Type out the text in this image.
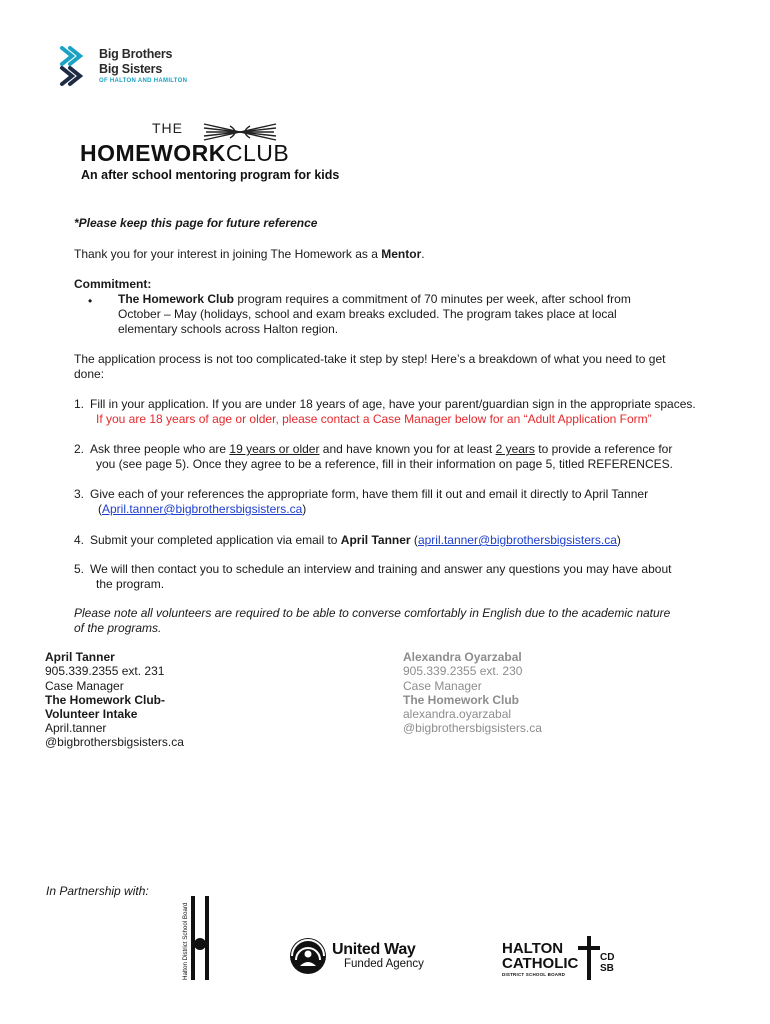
Big Brothers
Big Sisters
OF HALTON AND HAMILTON
THE
HOMEWORKCLUB
An after school mentoring program for kids
*Please keep this page for future reference
Thank you for your interest in joining The Homework as a Mentor.
Commitment:
• The Homework Club program requires a commitment of 70 minutes per week, after school from
October – May (holidays, school and exam breaks excluded. The program takes place at local
elementary schools across Halton region.
The application process is not too complicated-take it step by step! Here’s a breakdown of what you need to get
done:
1. Fill in your application. If you are under 18 years of age, have your parent/guardian sign in the appropriate spaces.
If you are 18 years of age or older, please contact a Case Manager below for an “Adult Application Form”
2. Ask three people who are 19 years or older and have known you for at least 2 years to provide a reference for
you (see page 5). Once they agree to be a reference, fill in their information on page 5, titled REFERENCES.
3. Give each of your references the appropriate form, have them fill it out and email it directly to April Tanner
(April.tanner@bigbrothersbigsisters.ca)
4. Submit your completed application via email to April Tanner (april.tanner@bigbrothersbigsisters.ca)
5. We will then contact you to schedule an interview and training and answer any questions you may have about
the program.
Please note all volunteers are required to be able to converse comfortably in English due to the academic nature
of the programs.
April Tanner
905.339.2355 ext. 231
Case Manager
The Homework Club-
Volunteer Intake
April.tanner
@bigbrothersbigsisters.ca
Alexandra Oyarzabal
905.339.2355 ext. 230
Case Manager
The Homework Club
alexandra.oyarzabal
@bigbrothersbigsisters.ca
In Partnership with:
Halton District School Board	United Way
Funded Agency
HALTON
CATHOLIC
DISTRICT SCHOOL BOARD
CD
SB
